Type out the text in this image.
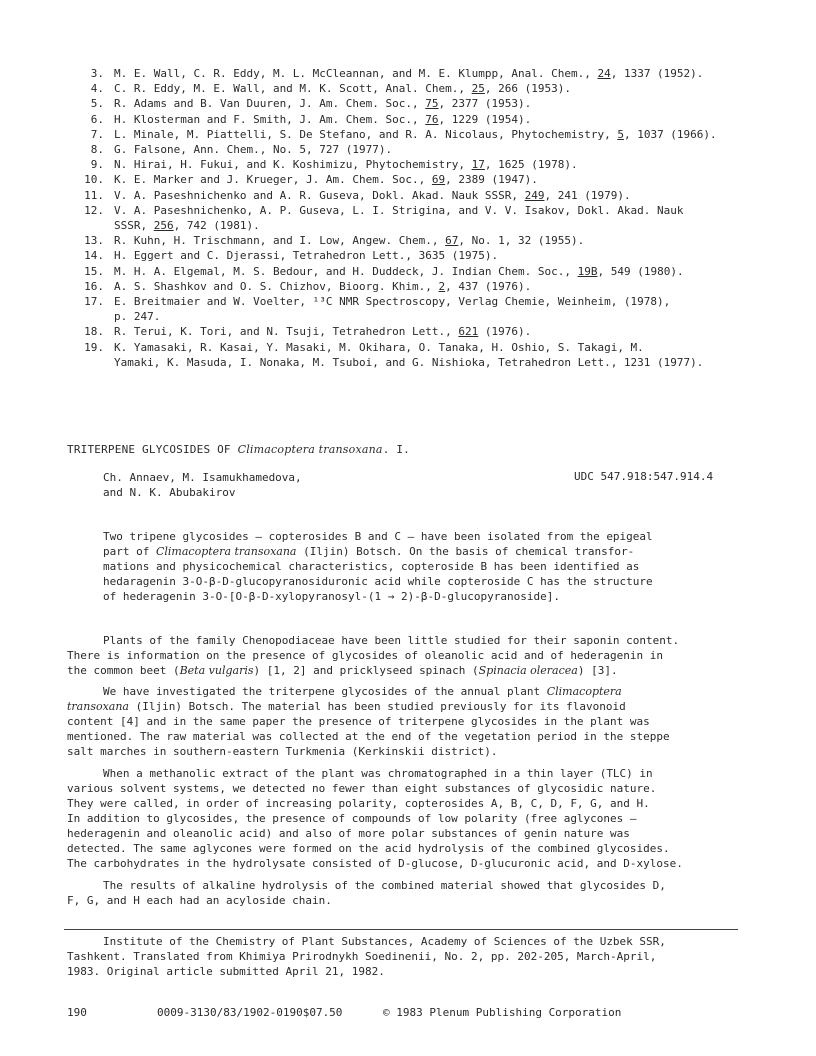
3. M. E. Wall, C. R. Eddy, M. L. McCleannan, and M. E. Klumpp, Anal. Chem., 24, 1337 (1952).
4. C. R. Eddy, M. E. Wall, and M. K. Scott, Anal. Chem., 25, 266 (1953).
5. R. Adams and B. Van Duuren, J. Am. Chem. Soc., 75, 2377 (1953).
6. H. Klosterman and F. Smith, J. Am. Chem. Soc., 76, 1229 (1954).
7. L. Minale, M. Piattelli, S. De Stefano, and R. A. Nicolaus, Phytochemistry, 5, 1037 (1966).
8. G. Falsone, Ann. Chem., No. 5, 727 (1977).
9. N. Hirai, H. Fukui, and K. Koshimizu, Phytochemistry, 17, 1625 (1978).
10. K. E. Marker and J. Krueger, J. Am. Chem. Soc., 69, 2389 (1947).
11. V. A. Paseshnichenko and A. R. Guseva, Dokl. Akad. Nauk SSSR, 249, 241 (1979).
12. V. A. Paseshnichenko, A. P. Guseva, L. I. Strigina, and V. V. Isakov, Dokl. Akad. Nauk
SSSR, 256, 742 (1981).
13. R. Kuhn, H. Trischmann, and I. Low, Angew. Chem., 67, No. 1, 32 (1955).
14. H. Eggert and C. Djerassi, Tetrahedron Lett., 3635 (1975).
15. M. H. A. Elgemal, M. S. Bedour, and H. Duddeck, J. Indian Chem. Soc., 19B, 549 (1980).
16. A. S. Shashkov and O. S. Chizhov, Bioorg. Khim., 2, 437 (1976).
17. E. Breitmaier and W. Voelter, ¹³C NMR Spectroscopy, Verlag Chemie, Weinheim, (1978),
p. 247.
18. R. Terui, K. Tori, and N. Tsuji, Tetrahedron Lett., 621 (1976).
19. K. Yamasaki, R. Kasai, Y. Masaki, M. Okihara, O. Tanaka, H. Oshio, S. Takagi, M.
Yamaki, K. Masuda, I. Nonaka, M. Tsuboi, and G. Nishioka, Tetrahedron Lett., 1231 (1977).
TRITERPENE GLYCOSIDES OF Climacoptera transoxana. I.
Ch. Annaev, M. Isamukhamedova,
and N. K. Abubakirov
UDC 547.918:547.914.4
Two tripene glycosides — copterosides B and C — have been isolated from the epigeal
part of Climacoptera transoxana (Iljin) Botsch. On the basis of chemical transfor-
mations and physicochemical characteristics, copteroside B has been identified as
hedaragenin 3-O-β-D-glucopyranosiduronic acid while copteroside C has the structure
of hederagenin 3-O-[O-β-D-xylopyranosyl-(1 → 2)-β-D-glucopyranoside].
Plants of the family Chenopodiaceae have been little studied for their saponin content.
There is information on the presence of glycosides of oleanolic acid and of hederagenin in
the common beet (Beta vulgaris) [1, 2] and pricklyseed spinach (Spinacia oleracea) [3].
We have investigated the triterpene glycosides of the annual plant Climacoptera
transoxana (Iljin) Botsch. The material has been studied previously for its flavonoid
content [4] and in the same paper the presence of triterpene glycosides in the plant was
mentioned. The raw material was collected at the end of the vegetation period in the steppe
salt marches in southern-eastern Turkmenia (Kerkinskii district).
When a methanolic extract of the plant was chromatographed in a thin layer (TLC) in
various solvent systems, we detected no fewer than eight substances of glycosidic nature.
They were called, in order of increasing polarity, copterosides A, B, C, D, F, G, and H.
In addition to glycosides, the presence of compounds of low polarity (free aglycones —
hederagenin and oleanolic acid) and also of more polar substances of genin nature was
detected. The same aglycones were formed on the acid hydrolysis of the combined glycosides.
The carbohydrates in the hydrolysate consisted of D-glucose, D-glucuronic acid, and D-xylose.
The results of alkaline hydrolysis of the combined material showed that glycosides D,
F, G, and H each had an acyloside chain.
Institute of the Chemistry of Plant Substances, Academy of Sciences of the Uzbek SSR,
Tashkent. Translated from Khimiya Prirodnykh Soedinenii, No. 2, pp. 202-205, March-April,
1983. Original article submitted April 21, 1982.
190	0009-3130/83/1902-0190$07.50	© 1983 Plenum Publishing Corporation
